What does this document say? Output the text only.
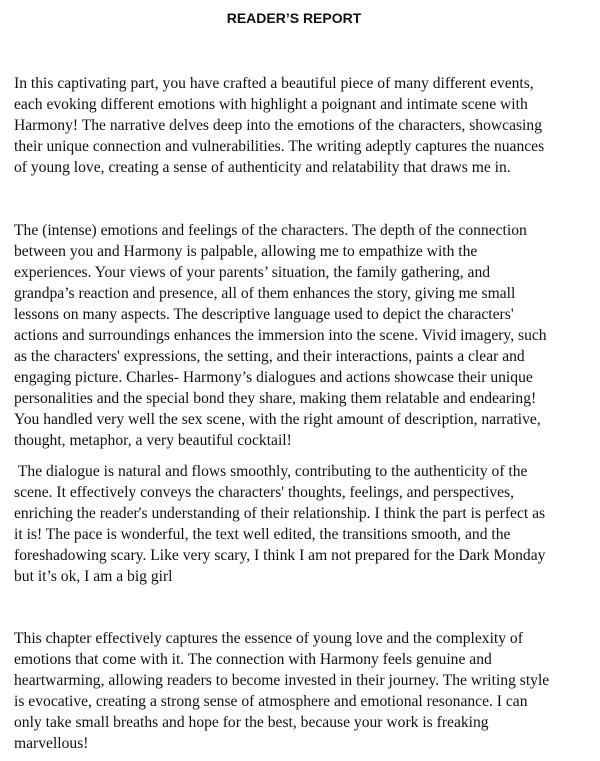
READER’S REPORT

In this captivating part, you have crafted a beautiful piece of many different events,
each evoking different emotions with highlight a poignant and intimate scene with
Harmony! The narrative delves deep into the emotions of the characters, showcasing
their unique connection and vulnerabilities. The writing adeptly captures the nuances
of young love, creating a sense of authenticity and relatability that draws me in.

The (intense) emotions and feelings of the characters. The depth of the connection
between you and Harmony is palpable, allowing me to empathize with the
experiences. Your views of your parents’ situation, the family gathering, and
grandpa’s reaction and presence, all of them enhances the story, giving me small
lessons on many aspects. The descriptive language used to depict the characters'
actions and surroundings enhances the immersion into the scene. Vivid imagery, such
as the characters' expressions, the setting, and their interactions, paints a clear and
engaging picture. Charles- Harmony’s dialogues and actions showcase their unique
personalities and the special bond they share, making them relatable and endearing!
You handled very well the sex scene, with the right amount of description, narrative,
thought, metaphor, a very beautiful cocktail!

The dialogue is natural and flows smoothly, contributing to the authenticity of the
scene. It effectively conveys the characters' thoughts, feelings, and perspectives,
enriching the reader's understanding of their relationship. I think the part is perfect as
it is! The pace is wonderful, the text well edited, the transitions smooth, and the
foreshadowing scary. Like very scary, I think I am not prepared for the Dark Monday
but it’s ok, I am a big girl

This chapter effectively captures the essence of young love and the complexity of
emotions that come with it. The connection with Harmony feels genuine and
heartwarming, allowing readers to become invested in their journey. The writing style
is evocative, creating a strong sense of atmosphere and emotional resonance. I can
only take small breaths and hope for the best, because your work is freaking
marvellous!
